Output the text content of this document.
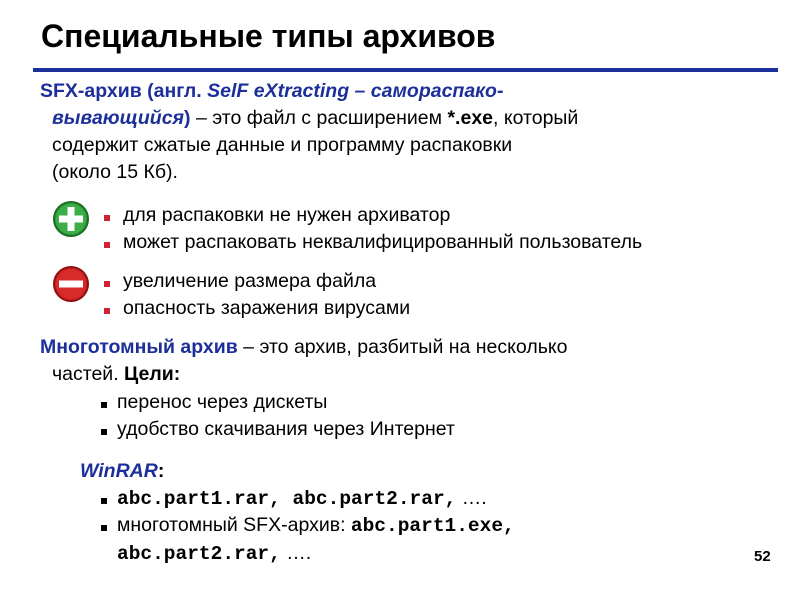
Специальные типы архивов
SFX-архив (англ. SelF eXtracting – самораспако-
вывающийся) – это файл с расширением *.exe, который
содержит сжатые данные и программу распаковки
(около 15 Кб).
для распаковки не нужен архиватор
может распаковать неквалифицированный пользователь
увеличение размера файла
опасность заражения вирусами
Многотомный архив – это архив, разбитый на несколько
частей. Цели:
перенос через дискеты
удобство скачивания через Интернет
WinRAR:
abc.part1.rar, abc.part2.rar, ….
многотомный SFX-архив: abc.part1.exe,
abc.part2.rar, ….	52
